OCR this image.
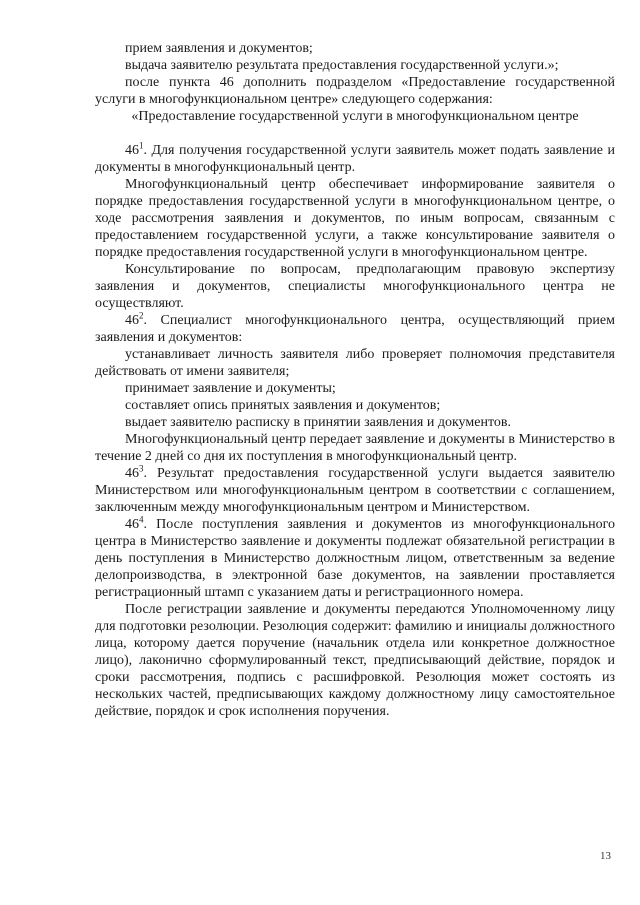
прием заявления и документов;

выдача заявителю результата предоставления государственной услуги.»;

после пункта 46 дополнить подразделом «Предоставление государственной услуги в многофункциональном центре» следующего содержания:

«Предоставление государственной услуги в многофункциональном центре

$46^1$. Для получения государственной услуги заявитель может подать заявление и документы в многофункциональный центр.

Многофункциональный центр обеспечивает информирование заявителя о порядке предоставления государственной услуги в многофункциональном центре, о ходе рассмотрения заявления и документов, по иным вопросам, связанным с предоставлением государственной услуги, а также консультирование заявителя о порядке предоставления государственной услуги в многофункциональном центре.

Консультирование по вопросам, предполагающим правовую экспертизу заявления и документов, специалисты многофункционального центра не осуществляют.

$46^2$. Специалист многофункционального центра, осуществляющий прием заявления и документов:

устанавливает личность заявителя либо проверяет полномочия представителя действовать от имени заявителя;

принимает заявление и документы;

составляет опись принятых заявления и документов;

выдает заявителю расписку в принятии заявления и документов.

Многофункциональный центр передает заявление и документы в Министерство в течение 2 дней со дня их поступления в многофункциональный центр.

$46^3$. Результат предоставления государственной услуги выдается заявителю Министерством или многофункциональным центром в соответствии с соглашением, заключенным между многофункциональным центром и Министерством.

$46^4$. После поступления заявления и документов из многофункционального центра в Министерство заявление и документы подлежат обязательной регистрации в день поступления в Министерство должностным лицом, ответственным за ведение делопроизводства, в электронной базе документов, на заявлении проставляется регистрационный штамп с указанием даты и регистрационного номера.

После регистрации заявление и документы передаются Уполномоченному лицу для подготовки резолюции. Резолюция содержит: фамилию и инициалы должностного лица, которому дается поручение (начальник отдела или конкретное должностное лицо), лаконично сформулированный текст, предписывающий действие, порядок и сроки рассмотрения, подпись с расшифровкой. Резолюция может состоять из нескольких частей, предписывающих каждому должностному лицу самостоятельное действие, порядок и срок исполнения поручения.

13
